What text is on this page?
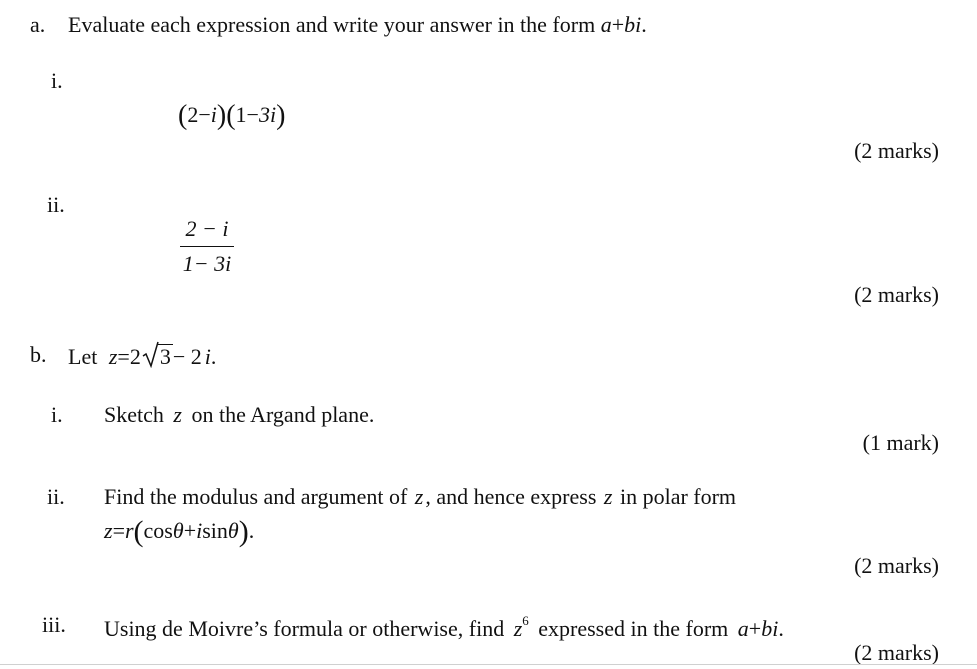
a. Evaluate each expression and write your answer in the form a+bi.
i.
(2−i)(1−3i)
(2 marks)
ii.
2 − i
1− 3i
(2 marks)
b. Let z=2 3− 2 i.
i. Sketch z on the Argand plane.
(1 mark)
ii. Find the modulus and argument of z, and hence express z in polar form
z=r(cosθ+isinθ).
(2 marks)
iii. Using de Moivre’s formula or otherwise, find $z^6$ expressed in the form a+bi.
(2 marks)
